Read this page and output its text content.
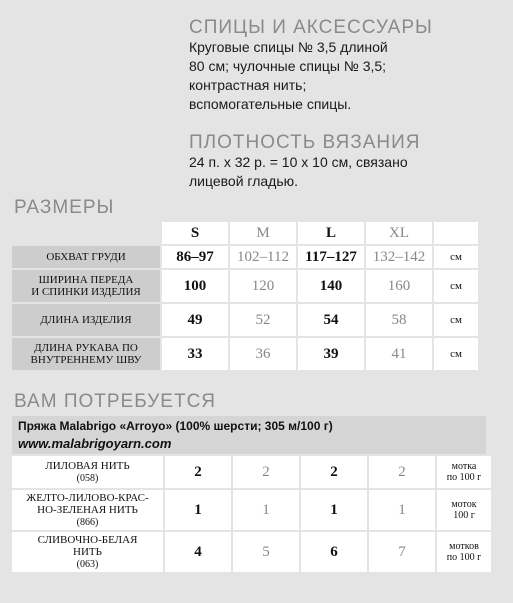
СПИЦЫ И АКСЕССУАРЫ
Круговые спицы № 3,5 длиной
80 см; чулочные спицы № 3,5;
контрастная нить;
вспомогательные спицы.
ПЛОТНОСТЬ ВЯЗАНИЯ
24 п. х 32 р. = 10 х 10 см, связано
лицевой гладью.
РАЗМЕРЫ
	S	M	L	XL	
ОБХВАТ ГРУДИ	86–97	102–112	117–127	132–142	см
ШИРИНА ПЕРЕДА
И СПИНКИ ИЗДЕЛИЯ	100	120	140	160	см
ДЛИНА ИЗДЕЛИЯ	49	52	54	58	см
ДЛИНА РУКАВА ПО
ВНУТРЕННЕМУ ШВУ	33	36	39	41	см
ВАМ ПОТРЕБУЕТСЯ
Пряжа Malabrigo «Arroyo» (100% шерсти; 305 м/100 г)
www.malabrigoyarn.com
ЛИЛОВАЯ НИТЬ
(058)	2	2	2	2	мотка
по 100 г
ЖЕЛТО-ЛИЛОВО-КРАС-
НО-ЗЕЛЕНАЯ НИТЬ
(866)	1	1	1	1	моток
100 г
СЛИВОЧНО-БЕЛАЯ
НИТЬ
(063)	4	5	6	7	мотков
по 100 г
